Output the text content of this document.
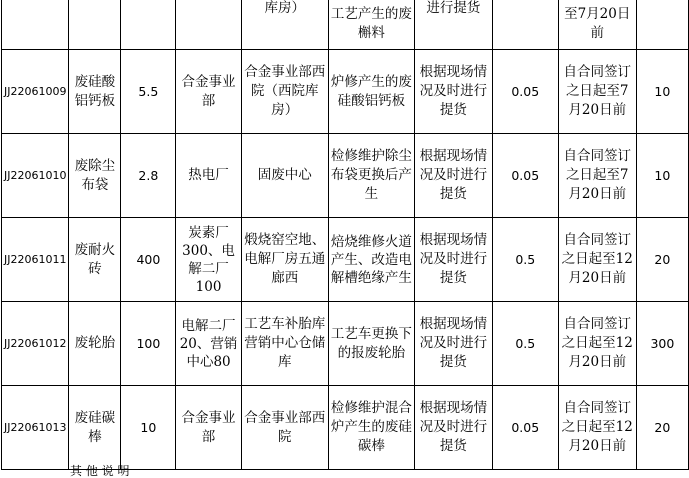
				库房）	工艺产生的废槲料	进行提货		至7月20日前	
JJ22061009	废硅酸铝钙板	5.5	合金事业部	合金事业部西院（西院库房）	炉修产生的废硅酸铝钙板	根据现场情况及时进行提货	0.05	自合同签订之日起至7月20日前	10
JJ22061010	废除尘布袋	2.8	热电厂	固废中心	检修维护除尘布袋更换后产生	根据现场情况及时进行提货	0.05	自合同签订之日起至7月20日前	10
JJ22061011	废耐火砖	400	炭素厂300、电解二厂100	煅烧窑空地、电解厂房五通廊西	焙烧维修火道产生、改造电解槽绝缘产生	根据现场情况及时进行提货	0.5	自合同签订之日起至12月20日前	20
JJ22061012	废轮胎	100	电解二厂20、营销中心80	工艺车补胎库营销中心仓储库	工艺车更换下的报废轮胎	根据现场情况及时进行提货	0.5	自合同签订之日起至12月20日前	300
JJ22061013	废硅碳棒	10	合金事业部	合金事业部西院	检修维护混合炉产生的废硅碳棒	根据现场情况及时进行提货	0.05	自合同签订之日起至12月20日前	20
其 他 说 明
